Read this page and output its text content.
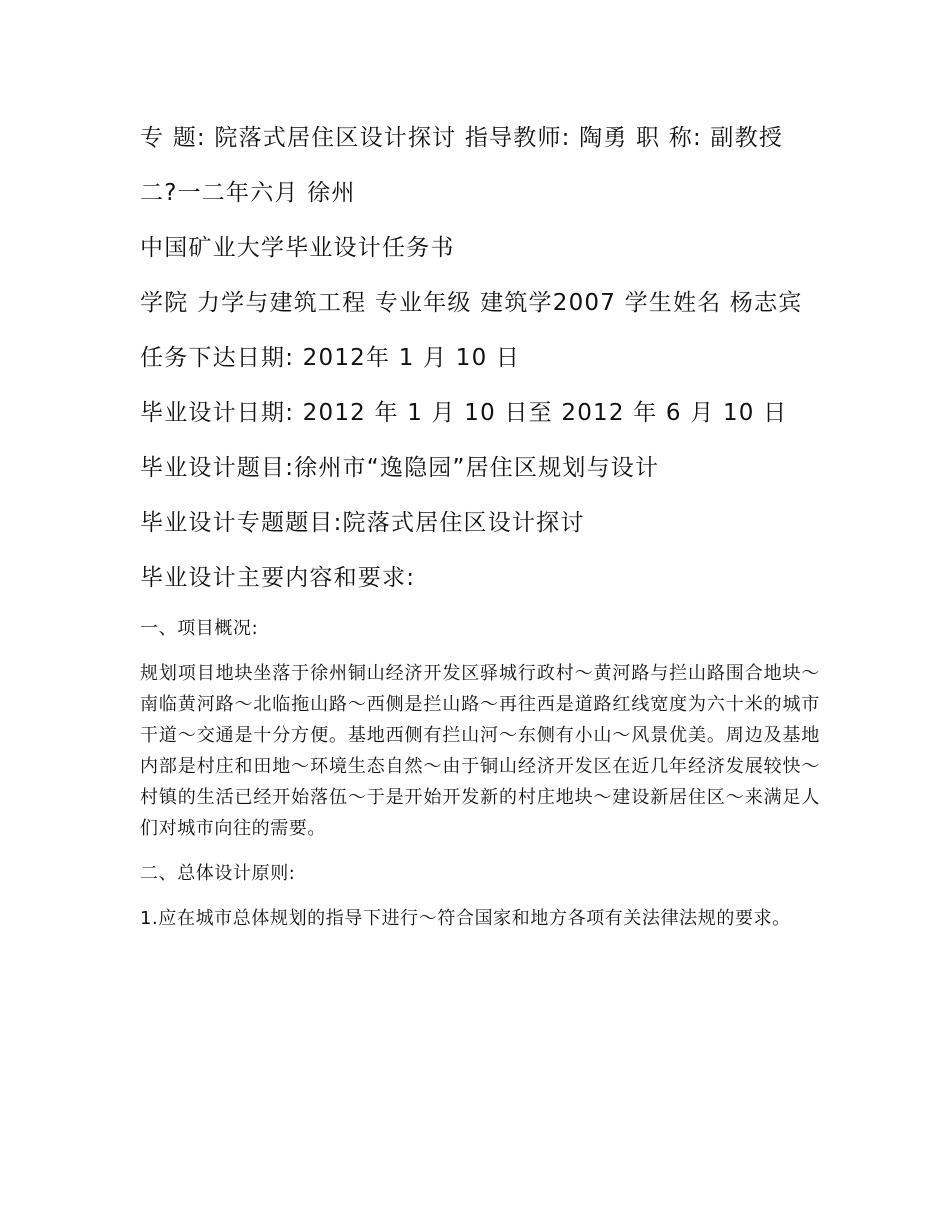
专 题: 院落式居住区设计探讨 指导教师: 陶勇 职 称: 副教授

二?一二年六月 徐州

中国矿业大学毕业设计任务书

学院 力学与建筑工程 专业年级 建筑学2007 学生姓名 杨志宾

任务下达日期: 2012年 1 月 10 日

毕业设计日期: 2012 年 1 月 10 日至 2012 年 6 月 10 日

毕业设计题目:徐州市“逸隐园”居住区规划与设计

毕业设计专题题目:院落式居住区设计探讨

毕业设计主要内容和要求:

一、项目概况:

规划项目地块坐落于徐州铜山经济开发区驿城行政村～黄河路与拦山路围合地块～南临黄河路～北临拖山路～西侧是拦山路～再往西是道路红线宽度为六十米的城市干道～交通是十分方便。基地西侧有拦山河～东侧有小山～风景优美。周边及基地内部是村庄和田地～环境生态自然～由于铜山经济开发区在近几年经济发展较快～村镇的生活已经开始落伍～于是开始开发新的村庄地块～建设新居住区～来满足人们对城市向往的需要。

二、总体设计原则:

1.应在城市总体规划的指导下进行～符合国家和地方各项有关法律法规的要求。
